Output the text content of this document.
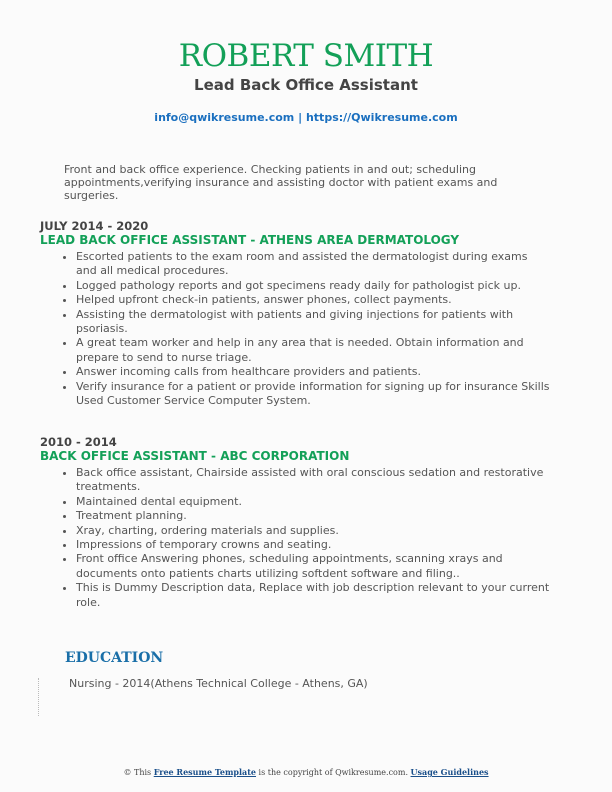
ROBERT SMITH
Lead Back Office Assistant
info@qwikresume.com | https://Qwikresume.com
Front and back office experience. Checking patients in and out; scheduling appointments,verifying insurance and assisting doctor with patient exams and surgeries.
JULY 2014 - 2020
LEAD BACK OFFICE ASSISTANT - ATHENS AREA DERMATOLOGY
• Escorted patients to the exam room and assisted the dermatologist during exams and all medical procedures.
• Logged pathology reports and got specimens ready daily for pathologist pick up.
• Helped upfront check-in patients, answer phones, collect payments.
• Assisting the dermatologist with patients and giving injections for patients with psoriasis.
• A great team worker and help in any area that is needed. Obtain information and prepare to send to nurse triage.
• Answer incoming calls from healthcare providers and patients.
• Verify insurance for a patient or provide information for signing up for insurance Skills Used Customer Service Computer System.
2010 - 2014
BACK OFFICE ASSISTANT - ABC CORPORATION
• Back office assistant, Chairside assisted with oral conscious sedation and restorative treatments.
• Maintained dental equipment.
• Treatment planning.
• Xray, charting, ordering materials and supplies.
• Impressions of temporary crowns and seating.
• Front office Answering phones, scheduling appointments, scanning xrays and documents onto patients charts utilizing softdent software and filing..
• This is Dummy Description data, Replace with job description relevant to your current role.
EDUCATION
Nursing - 2014(Athens Technical College - Athens, GA)
© This Free Resume Template is the copyright of Qwikresume.com. Usage Guidelines
